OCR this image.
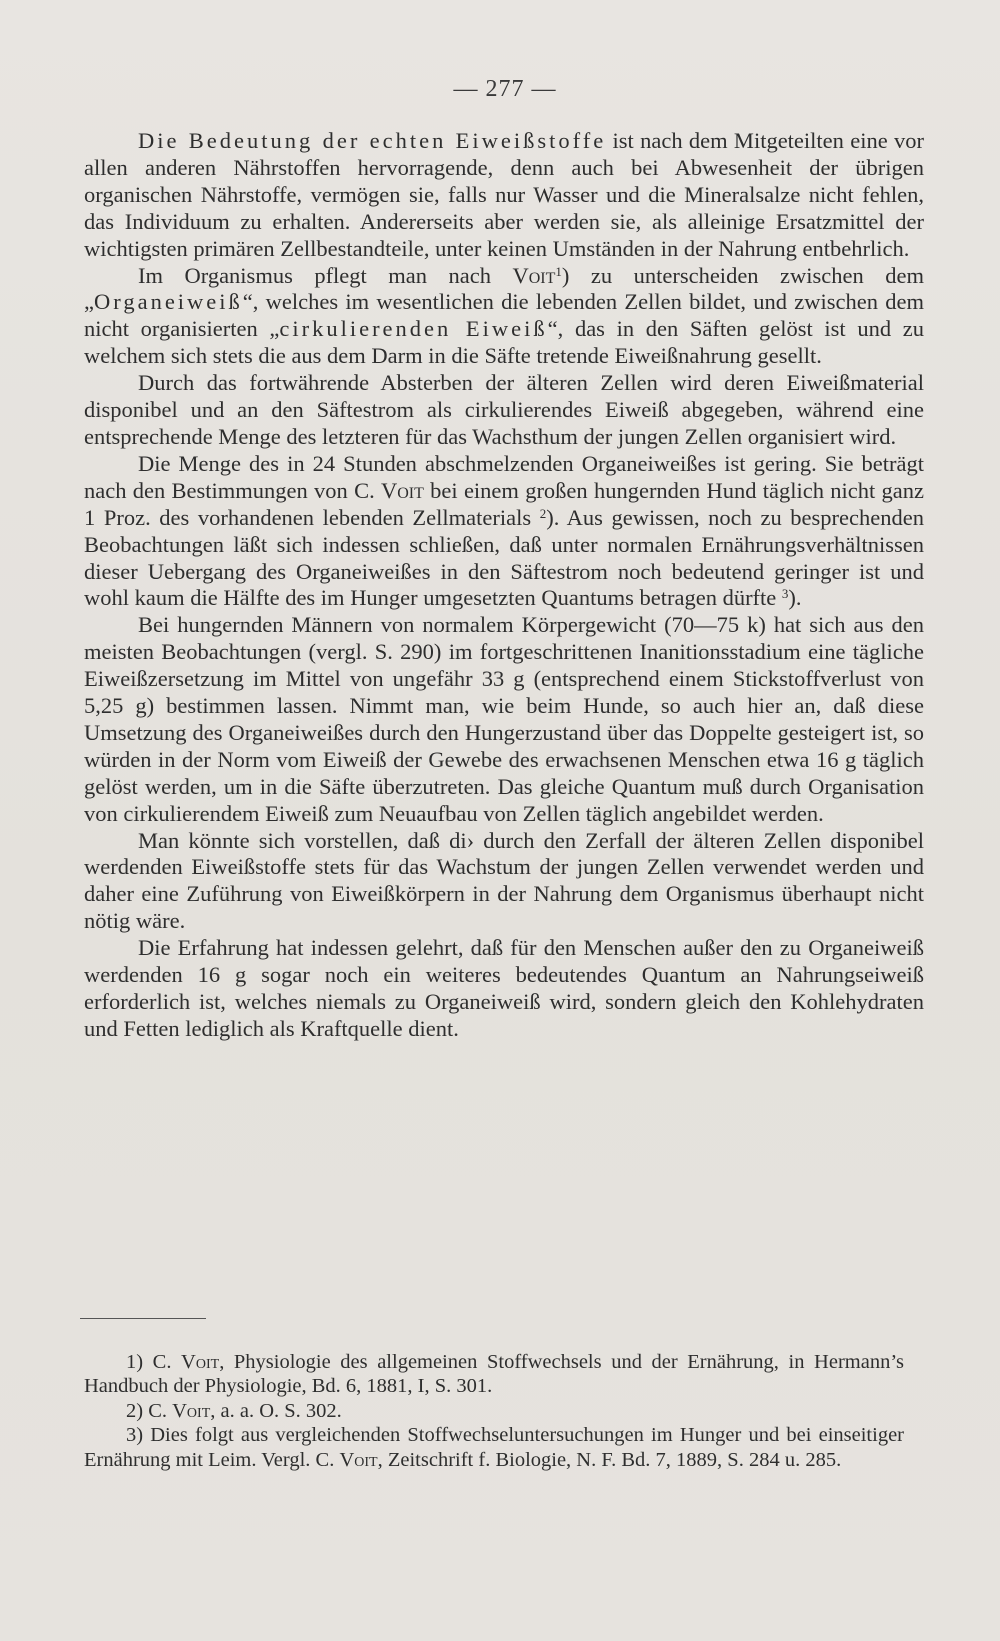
— 277 —

Die Bedeutung der echten Eiweißstoffe ist nach dem Mitgeteilten eine vor allen anderen Nährstoffen hervorragende, denn auch bei Abwesenheit der übrigen organischen Nährstoffe, vermögen sie, falls nur Wasser und die Mineralsalze nicht fehlen, das Individuum zu erhalten. Andererseits aber werden sie, als alleinige Ersatzmittel der wichtigsten primären Zellbestandteile, unter keinen Umständen in der Nahrung entbehrlich.

Im Organismus pflegt man nach Voit$^1$) zu unterscheiden zwischen dem „Organeiweiß“, welches im wesentlichen die lebenden Zellen bildet, und zwischen dem nicht organisierten „cirkulierenden Eiweiß“, das in den Säften gelöst ist und zu welchem sich stets die aus dem Darm in die Säfte tretende Eiweißnahrung gesellt.

Durch das fortwährende Absterben der älteren Zellen wird deren Eiweißmaterial disponibel und an den Säftestrom als cirkulierendes Eiweiß abgegeben, während eine entsprechende Menge des letzteren für das Wachsthum der jungen Zellen organisiert wird.

Die Menge des in 24 Stunden abschmelzenden Organeiweißes ist gering. Sie beträgt nach den Bestimmungen von C. Voit bei einem großen hungernden Hund täglich nicht ganz 1 Proz. des vorhandenen lebenden Zellmaterials $^2$). Aus gewissen, noch zu besprechenden Beobachtungen läßt sich indessen schließen, daß unter normalen Ernährungsverhältnissen dieser Uebergang des Organeiweißes in den Säftestrom noch bedeutend geringer ist und wohl kaum die Hälfte des im Hunger umgesetzten Quantums betragen dürfte $^3$).

Bei hungernden Männern von normalem Körpergewicht (70—75 k) hat sich aus den meisten Beobachtungen (vergl. S. 290) im fortgeschrittenen Inanitionsstadium eine tägliche Eiweißzersetzung im Mittel von ungefähr 33 g (entsprechend einem Stickstoffverlust von 5,25 g) bestimmen lassen. Nimmt man, wie beim Hunde, so auch hier an, daß diese Umsetzung des Organeiweißes durch den Hungerzustand über das Doppelte gesteigert ist, so würden in der Norm vom Eiweiß der Gewebe des erwachsenen Menschen etwa 16 g täglich gelöst werden, um in die Säfte überzutreten. Das gleiche Quantum muß durch Organisation von cirkulierendem Eiweiß zum Neuaufbau von Zellen täglich angebildet werden.

Man könnte sich vorstellen, daß di› durch den Zerfall der älteren Zellen disponibel werdenden Eiweißstoffe stets für das Wachstum der jungen Zellen verwendet werden und daher eine Zuführung von Eiweißkörpern in der Nahrung dem Organismus überhaupt nicht nötig wäre.

Die Erfahrung hat indessen gelehrt, daß für den Menschen außer den zu Organeiweiß werdenden 16 g sogar noch ein weiteres bedeutendes Quantum an Nahrungseiweiß erforderlich ist, welches niemals zu Organeiweiß wird, sondern gleich den Kohlehydraten und Fetten lediglich als Kraftquelle dient.

1) C. Voit, Physiologie des allgemeinen Stoffwechsels und der Ernährung, in Hermann’s Handbuch der Physiologie, Bd. 6, 1881, I, S. 301.

2) C. Voit, a. a. O. S. 302.

3) Dies folgt aus vergleichenden Stoffwechseluntersuchungen im Hunger und bei einseitiger Ernährung mit Leim. Vergl. C. Voit, Zeitschrift f. Biologie, N. F. Bd. 7, 1889, S. 284 u. 285.
